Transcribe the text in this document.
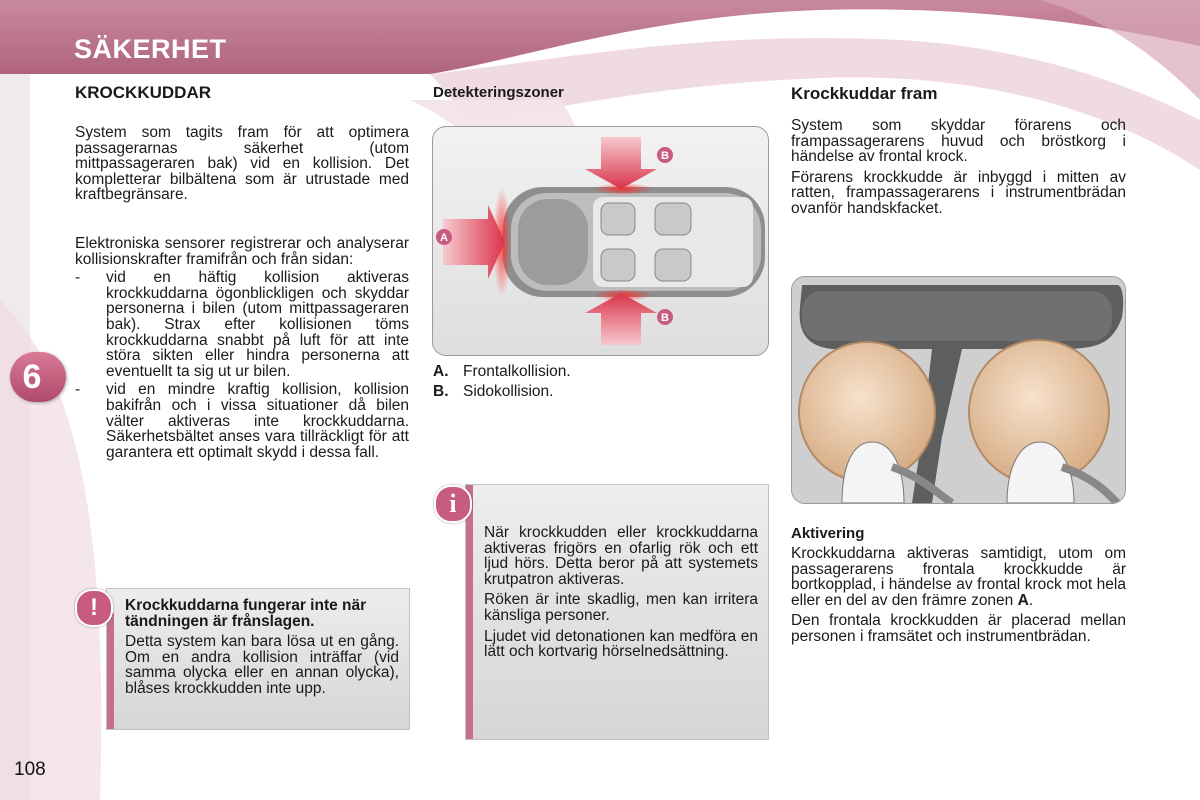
SÄKERHET
6
KROCKKUDDAR

System som tagits fram för att optimera passagerarnas säkerhet (utom mittpassageraren bak) vid en kollision. Det kompletterar bilbältena som är utrustade med kraftbegränsare.

Elektroniska sensorer registrerar och analyserar kollisionskrafter framifrån och från sidan:

- vid en häftig kollision aktiveras krockkuddarna ögonblickligen och skyddar personerna i bilen (utom mittpassageraren bak). Strax efter kollisionen töms krockkuddarna snabbt på luft för att inte störa sikten eller hindra personerna att eventuellt ta sig ut ur bilen.

- vid en mindre kraftig kollision, kollision bakifrån och i vissa situationer då bilen välter aktiveras inte krockkuddarna. Säkerhetsbältet anses vara tillräckligt för att garantera ett optimalt skydd i dessa fall.

!	Krockkuddarna fungerar inte när tändningen är frånslagen.

Detta system kan bara lösa ut en gång. Om en andra kollision inträffar (vid samma olycka eller en annan olycka), blåses krockkudden inte upp.

Detekteringszoner
A
B
B
A. Frontalkollision.
B. Sidokollision.
i

När krockkudden eller krockkuddarna aktiveras frigörs en ofarlig rök och ett ljud hörs. Detta beror på att systemets krutpatron aktiveras.

Röken är inte skadlig, men kan irritera känsliga personer.

Ljudet vid detonationen kan medföra en lätt och kortvarig hörselnedsättning.

Krockkuddar fram

System som skyddar förarens och frampassagerarens huvud och bröstkorg i händelse av frontal krock.

Förarens krockkudde är inbyggd i mitten av ratten, frampassagerarens i instrumentbrädan ovanför handskfacket.

Aktivering

Krockkuddarna aktiveras samtidigt, utom om passagerarens frontala krockkudde är bortkopplad, i händelse av frontal krock mot hela eller en del av den främre zonen A.

Den frontala krockkudden är placerad mellan personen i framsätet och instrumentbrädan.

108
